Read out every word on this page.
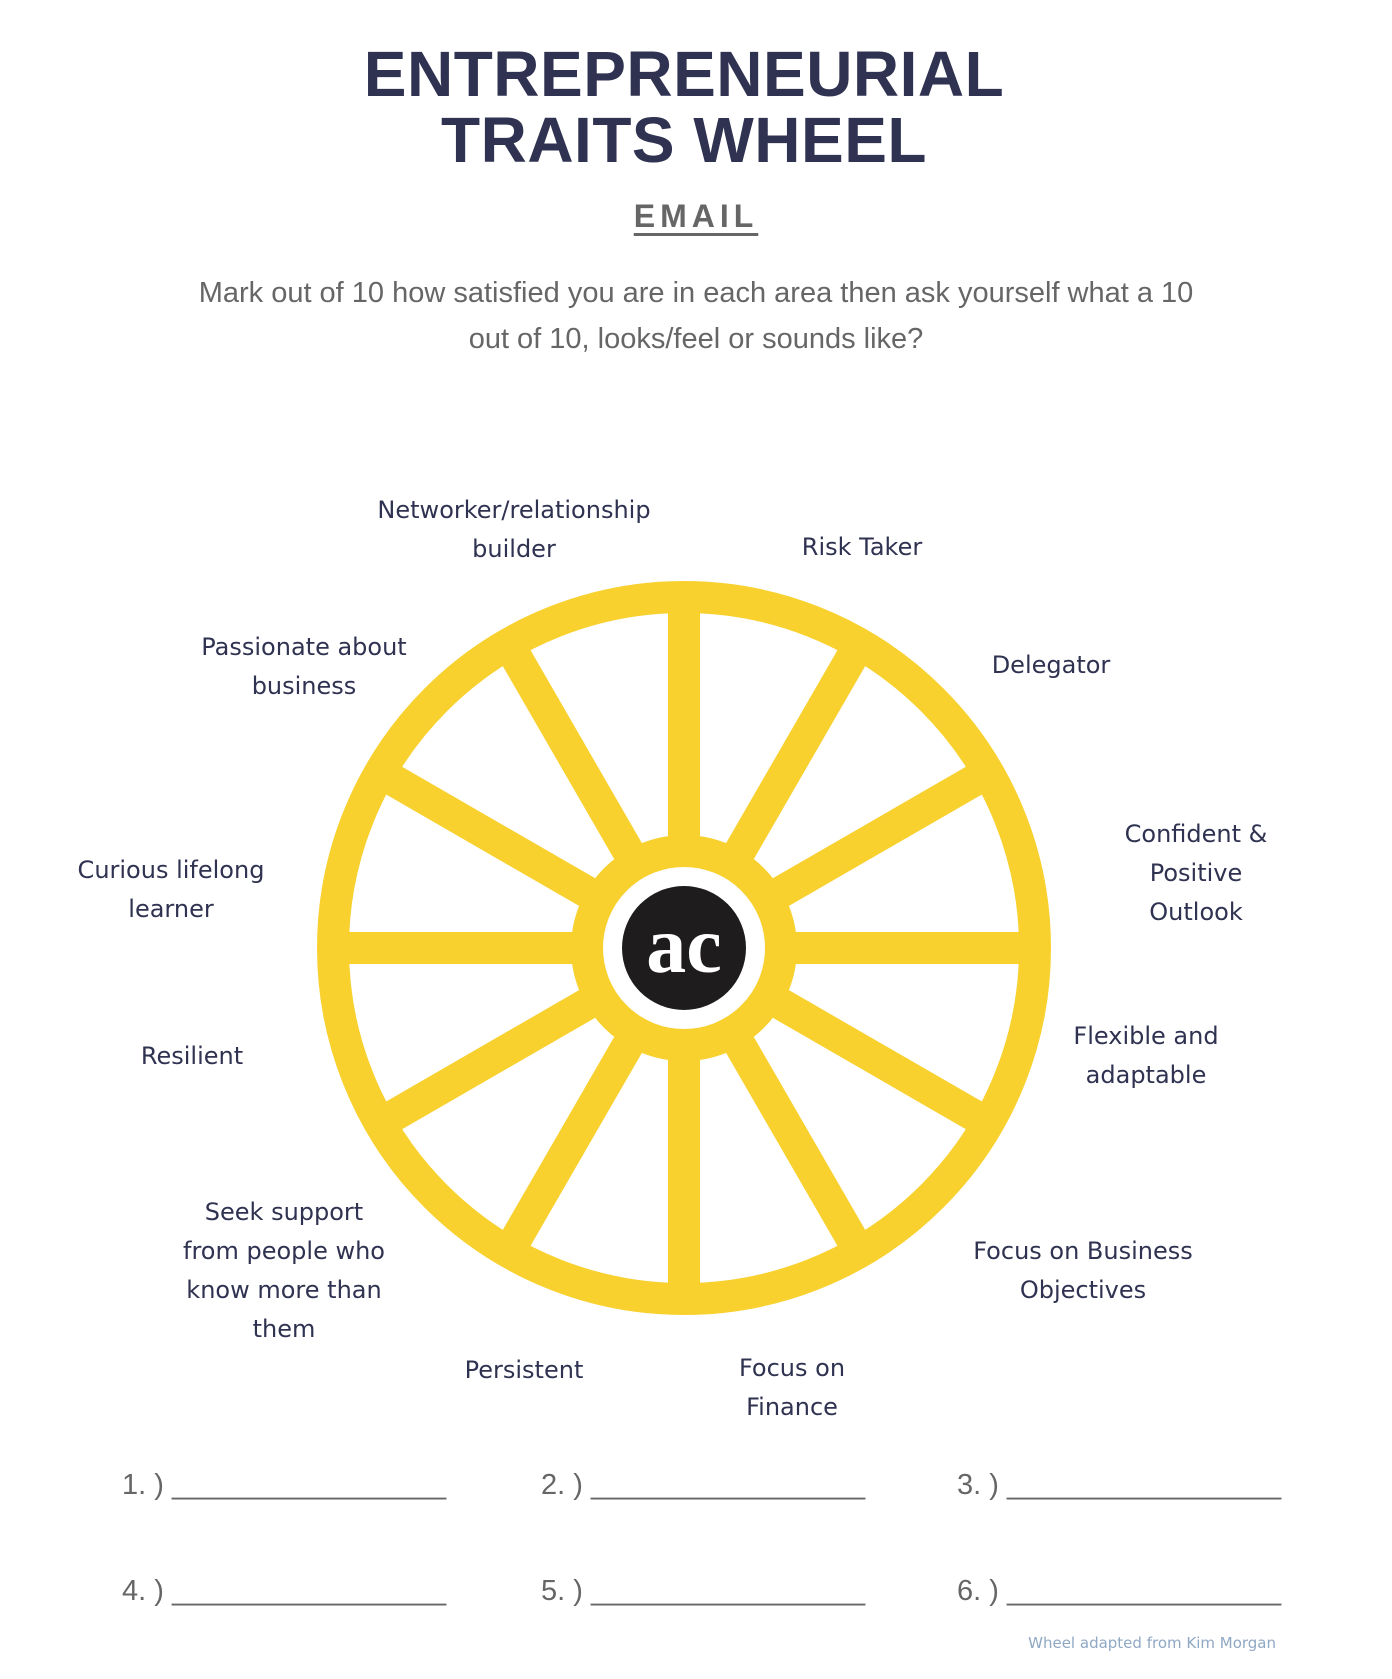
ENTREPRENEURIAL
TRAITS WHEEL
EMAIL
Mark out of 10 how satisfied you are in each area then ask yourself what a 10 out of 10, looks/feel or sounds like?
ac
Networker/relationship
builder	Risk Taker
Delegator
Confident & Positive
Outlook
Flexible and
adaptable
Focus on Business
Objectives
Focus on
Finance
Persistent
Seek support
from people who
know more than
them
Resilient
Curious lifelong
learner
Passionate about
business
1. ) _________________	2. ) _________________	3. ) _________________
4. ) _________________	5. ) _________________	6. ) _________________
Wheel adapted from Kim Morgan
